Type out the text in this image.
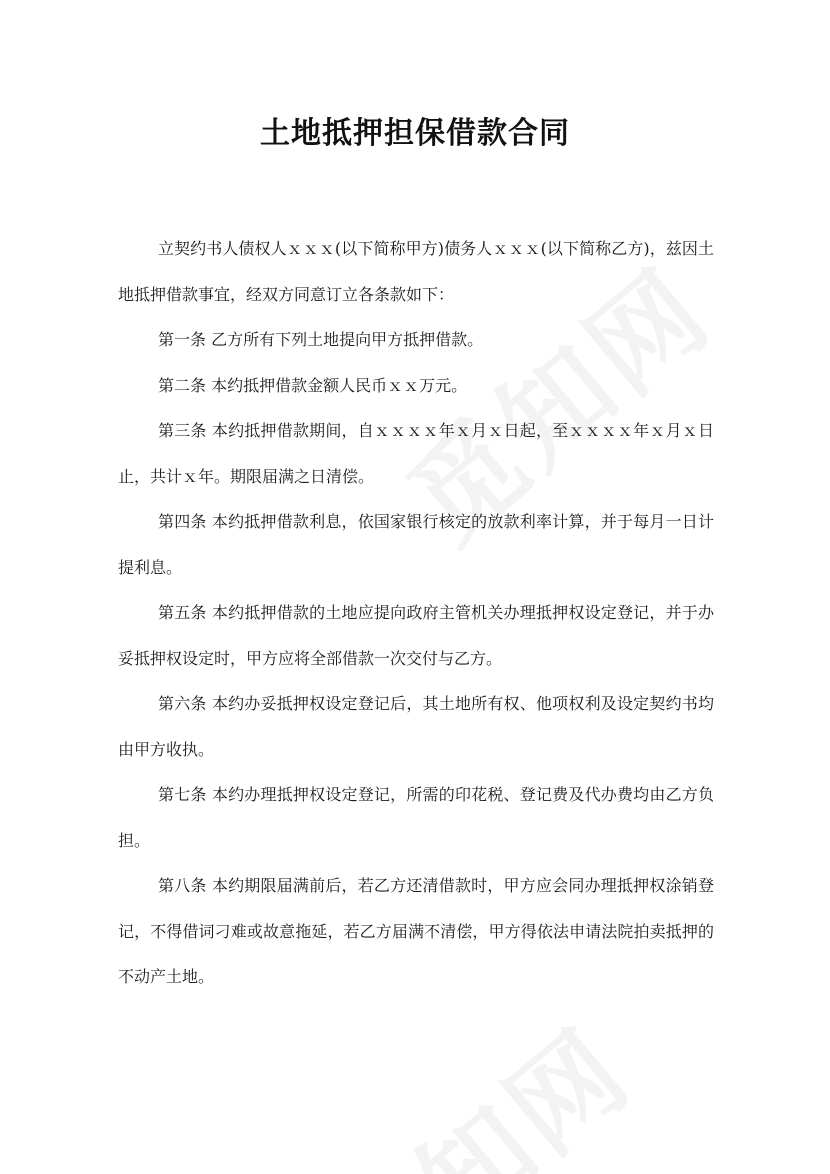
土地抵押担保借款合同

立契约书人债权人ｘｘｘ(以下简称甲方)债务人ｘｘｘ(以下简称乙方)，兹因土地抵押借款事宜，经双方同意订立各条款如下：

第一条 乙方所有下列土地提向甲方抵押借款。

第二条 本约抵押借款金额人民币ｘｘ万元。

第三条 本约抵押借款期间，自ｘｘｘｘ年ｘ月ｘ日起，至ｘｘｘｘ年ｘ月ｘ日止，共计ｘ年。期限届满之日清偿。

第四条 本约抵押借款利息，依国家银行核定的放款利率计算，并于每月一日计提利息。

第五条 本约抵押借款的土地应提向政府主管机关办理抵押权设定登记，并于办妥抵押权设定时，甲方应将全部借款一次交付与乙方。

第六条 本约办妥抵押权设定登记后，其土地所有权、他项权利及设定契约书均由甲方收执。

第七条 本约办理抵押权设定登记，所需的印花税、登记费及代办费均由乙方负担。

第八条 本约期限届满前后，若乙方还清借款时，甲方应会同办理抵押权涂销登记，不得借词刁难或故意拖延，若乙方届满不清偿，甲方得依法申请法院拍卖抵押的不动产土地。
